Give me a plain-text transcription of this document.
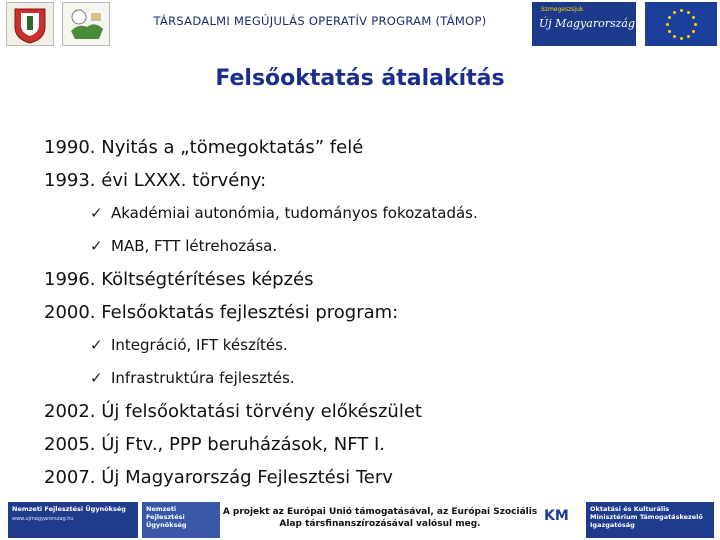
TÁRSADALMI MEGÚJULÁS OPERATÍV PROGRAM (TÁMOP)
Szmegeszsjuk
Új Magyarország
Felsőoktatás átalakítás
1990. Nyitás a „tömegoktatás” felé
1993. évi LXXX. törvény:
✓ Akadémiai autonómia, tudományos fokozatadás.
✓ MAB, FTT létrehozása.
1996. Költségtérítéses képzés
2000. Felsőoktatás fejlesztési program:
✓ Integráció, IFT készítés.
✓ Infrastruktúra fejlesztés.
2002. Új felsőoktatási törvény előkészület
2005. Új Ftv., PPP beruházások, NFT I.
2007. Új Magyarország Fejlesztési Terv
Nemzeti Fejlesztési Ügynökség
www.ujmagyarorszag.hu
Nemzeti Fejlesztési Ügynökség
A projekt az Európai Unió támogatásával, az Európai Szociális Alap társfinanszírozásával valósul meg.	KM	Oktatási és Kulturális Minisztérium Támogatáskezelő Igazgatóság
